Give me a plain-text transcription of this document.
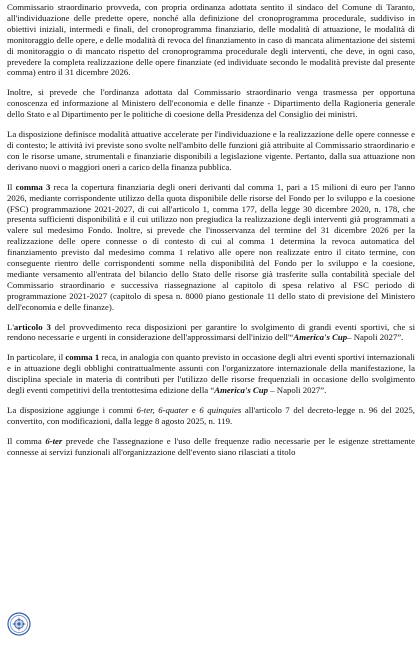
Commissario straordinario provveda, con propria ordinanza adottata sentito il sindaco del Comune di Taranto, all'individuazione delle predette opere, nonché alla definizione del cronoprogramma procedurale, suddiviso in obiettivi iniziali, intermedi e finali, del cronoprogramma finanziario, delle modalità di attuazione, le modalità di monitoraggio delle opere, e delle modalità di revoca del finanziamento in caso di mancata alimentazione dei sistemi di monitoraggio o di mancato rispetto del cronoprogramma procedurale degli interventi, che deve, in ogni caso, prevedere la completa realizzazione delle opere finanziate (ed individuate secondo le modalità previste dal presente comma) entro il 31 dicembre 2026.

Inoltre, si prevede che l'ordinanza adottata dal Commissario straordinario venga trasmessa per opportuna conoscenza ed informazione al Ministero dell'economia e delle finanze - Dipartimento della Ragioneria generale dello Stato e al Dipartimento per le politiche di coesione della Presidenza del Consiglio dei ministri.

La disposizione definisce modalità attuative accelerate per l'individuazione e la realizzazione delle opere connesse e di contesto; le attività ivi previste sono svolte nell'ambito delle funzioni già attribuite al Commissario straordinario e con le risorse umane, strumentali e finanziarie disponibili a legislazione vigente. Pertanto, dalla sua attuazione non derivano nuovi o maggiori oneri a carico della finanza pubblica.

Il comma 3 reca la copertura finanziaria degli oneri derivanti dal comma 1, pari a 15 milioni di euro per l'anno 2026, mediante corrispondente utilizzo della quota disponibile delle risorse del Fondo per lo sviluppo e la coesione (FSC) programmazione 2021-2027, di cui all'articolo 1, comma 177, della legge 30 dicembre 2020, n. 178, che presenta sufficienti disponibilità e il cui utilizzo non pregiudica la realizzazione degli interventi già programmati a valere sul medesimo Fondo. Inoltre, si prevede che l'inosservanza del termine del 31 dicembre 2026 per la realizzazione delle opere connesse o di contesto di cui al comma 1 determina la revoca automatica del finanziamento previsto dal medesimo comma 1 relativo alle opere non realizzate entro il citato termine, con conseguente rientro delle corrispondenti somme nella disponibilità del Fondo per lo sviluppo e la coesione, mediante versamento all'entrata del bilancio dello Stato delle risorse già trasferite sulla contabilità speciale del Commissario straordinario e successiva riassegnazione al capitolo di spesa relativo al FSC periodo di programmazione 2021-2027 (capitolo di spesa n. 8000 piano gestionale 11 dello stato di previsione del Ministero dell'economia e delle finanze).

L'articolo 3 del provvedimento reca disposizioni per garantire lo svolgimento di grandi eventi sportivi, che si rendono necessarie e urgenti in considerazione dell'approssimarsi dell'inizio dell'“America's Cup– Napoli 2027”.

In particolare, il comma 1 reca, in analogia con quanto previsto in occasione degli altri eventi sportivi internazionali e in attuazione degli obblighi contrattualmente assunti con l'organizzatore internazionale della manifestazione, la disciplina speciale in materia di contributi per l'utilizzo delle risorse frequenziali in occasione dello svolgimento degli eventi competitivi della trentottesima edizione della “America's Cup – Napoli 2027”.

La disposizione aggiunge i commi 6-ter, 6-quater e 6 quinquies all'articolo 7 del decreto-legge n. 96 del 2025, convertito, con modificazioni, dalla legge 8 agosto 2025, n. 119.

Il comma 6-ter prevede che l'assegnazione e l'uso delle frequenze radio necessarie per le esigenze strettamente connesse ai servizi funzionali all'organizzazione dell'evento siano rilasciati a titolo
